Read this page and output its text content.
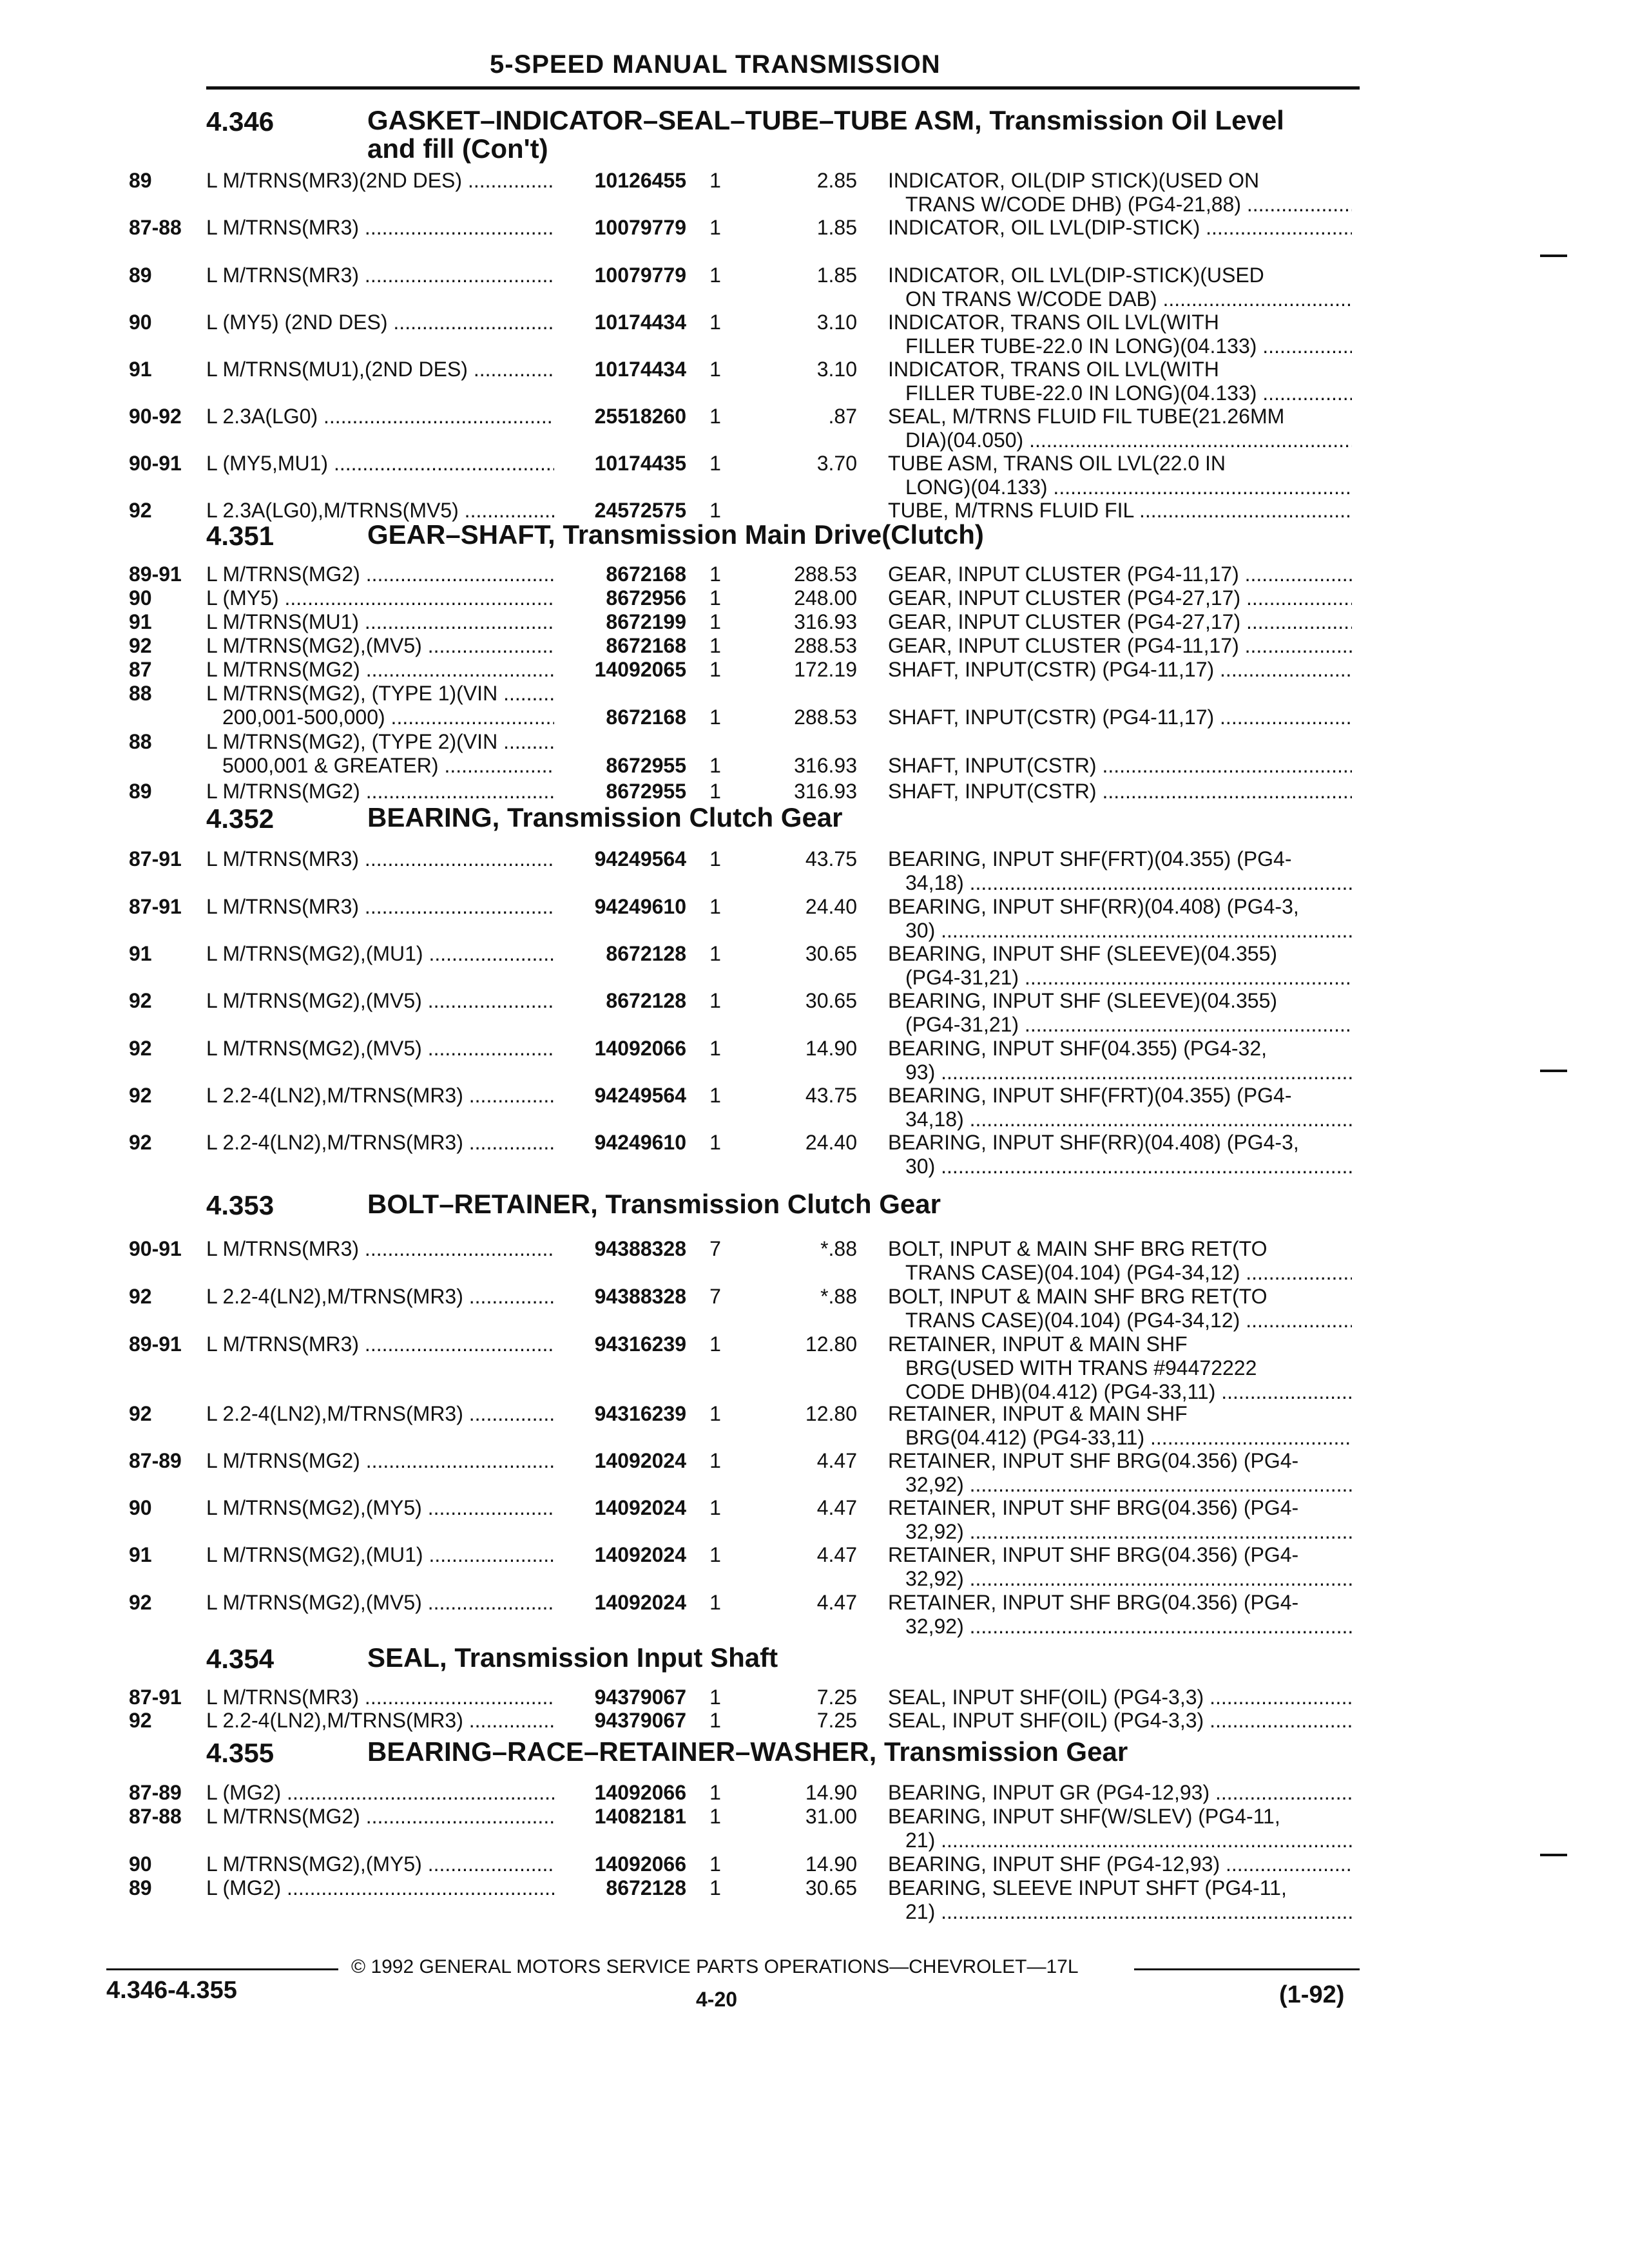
5-SPEED MANUAL TRANSMISSION
4.346	GASKET–INDICATOR–SEAL–TUBE–TUBE ASM, Transmission Oil Level
and fill (Con't)
4.351	GEAR–SHAFT, Transmission Main Drive(Clutch)
4.352	BEARING, Transmission Clutch Gear
4.353	BOLT–RETAINER, Transmission Clutch Gear
4.354	SEAL, Transmission Input Shaft
4.355	BEARING–RACE–RETAINER–WASHER, Transmission Gear
89	L M/TRNS(MR3)(2ND DES) .....	10126455	1	2.85 INDICATOR, OIL(DIP STICK)(USED ON
TRANS W/CODE DHB) (PG4-21,88) .....
87-88 L M/TRNS(MR3) .....	10079779	1	1.85 INDICATOR, OIL LVL(DIP-STICK) .....
89	L M/TRNS(MR3) .....	10079779	1	1.85 INDICATOR, OIL LVL(DIP-STICK)(USED
ON TRANS W/CODE DAB) .....
90	L (MY5) (2ND DES) .....	10174434	1	3.10 INDICATOR, TRANS OIL LVL(WITH
FILLER TUBE-22.0 IN LONG)(04.133) .....
91	L M/TRNS(MU1),(2ND DES) .....	10174434	1	3.10 INDICATOR, TRANS OIL LVL(WITH
FILLER TUBE-22.0 IN LONG)(04.133) .....
90-92 L 2.3A(LG0) .....	25518260	1	.87 SEAL, M/TRNS FLUID FIL TUBE(21.26MM
DIA)(04.050) .....
90-91 L (MY5,MU1) .....	10174435	1	3.70 TUBE ASM, TRANS OIL LVL(22.0 IN
LONG)(04.133) .....
92	L 2.3A(LG0),M/TRNS(MV5) .....	24572575	1	TUBE, M/TRNS FLUID FIL .....
89-91 L M/TRNS(MG2) .....	8672168	1	288.53 GEAR, INPUT CLUSTER (PG4-11,17) .....
90	L (MY5) .....	8672956	1	248.00 GEAR, INPUT CLUSTER (PG4-27,17) .....
91	L M/TRNS(MU1) .....	8672199	1	316.93 GEAR, INPUT CLUSTER (PG4-27,17) .....
92	L M/TRNS(MG2),(MV5) .....	8672168	1	288.53 GEAR, INPUT CLUSTER (PG4-11,17) .....
87	L M/TRNS(MG2) .....	14092065	1	172.19 SHAFT, INPUT(CSTR) (PG4-11,17) .....
88	L M/TRNS(MG2), (TYPE 1)(VIN .....
200,001-500,000) .....	8672168	1	288.53 SHAFT, INPUT(CSTR) (PG4-11,17) .....
88	L M/TRNS(MG2), (TYPE 2)(VIN .....
5000,001 & GREATER) .....	8672955	1	316.93 SHAFT, INPUT(CSTR) .....
89	L M/TRNS(MG2) .....	8672955	1	316.93 SHAFT, INPUT(CSTR) .....
87-91 L M/TRNS(MR3) .....	94249564	1	43.75 BEARING, INPUT SHF(FRT)(04.355) (PG4-
34,18) .....
87-91 L M/TRNS(MR3) .....	94249610	1	24.40 BEARING, INPUT SHF(RR)(04.408) (PG4-3,
30) .....
91	L M/TRNS(MG2),(MU1) .....	8672128	1	30.65 BEARING, INPUT SHF (SLEEVE)(04.355)
(PG4-31,21) .....
92	L M/TRNS(MG2),(MV5) .....	8672128	1	30.65 BEARING, INPUT SHF (SLEEVE)(04.355)
(PG4-31,21) .....
92	L M/TRNS(MG2),(MV5) .....	14092066	1	14.90 BEARING, INPUT SHF(04.355) (PG4-32,
93) .....
92	L 2.2-4(LN2),M/TRNS(MR3) .....	94249564	1	43.75 BEARING, INPUT SHF(FRT)(04.355) (PG4-
34,18) .....
92	L 2.2-4(LN2),M/TRNS(MR3) .....	94249610	1	24.40 BEARING, INPUT SHF(RR)(04.408) (PG4-3,
30) .....
90-91 L M/TRNS(MR3) .....	94388328	7	*.88 BOLT, INPUT & MAIN SHF BRG RET(TO
TRANS CASE)(04.104) (PG4-34,12) .....
92	L 2.2-4(LN2),M/TRNS(MR3) .....	94388328	7	*.88 BOLT, INPUT & MAIN SHF BRG RET(TO
TRANS CASE)(04.104) (PG4-34,12) .....
89-91 L M/TRNS(MR3) .....	94316239	1	12.80 RETAINER, INPUT & MAIN SHF
BRG(USED WITH TRANS #94472222
CODE DHB)(04.412) (PG4-33,11) .....
92	L 2.2-4(LN2),M/TRNS(MR3) .....	94316239	1	12.80 RETAINER, INPUT & MAIN SHF
BRG(04.412) (PG4-33,11) .....
87-89 L M/TRNS(MG2) .....	14092024	1	4.47 RETAINER, INPUT SHF BRG(04.356) (PG4-
32,92) .....
90	L M/TRNS(MG2),(MY5) .....	14092024	1	4.47 RETAINER, INPUT SHF BRG(04.356) (PG4-
32,92) .....
91	L M/TRNS(MG2),(MU1) .....	14092024	1	4.47 RETAINER, INPUT SHF BRG(04.356) (PG4-
32,92) .....
92	L M/TRNS(MG2),(MV5) .....	14092024	1	4.47 RETAINER, INPUT SHF BRG(04.356) (PG4-
32,92) .....
87-91 L M/TRNS(MR3) .....	94379067	1	7.25 SEAL, INPUT SHF(OIL) (PG4-3,3) .....
92	L 2.2-4(LN2),M/TRNS(MR3) .....	94379067	1	7.25 SEAL, INPUT SHF(OIL) (PG4-3,3) .....
87-89 L (MG2) .....	14092066	1	14.90 BEARING, INPUT GR (PG4-12,93) .....
87-88 L M/TRNS(MG2) .....	14082181	1	31.00 BEARING, INPUT SHF(W/SLEV) (PG4-11,
21) .....
90	L M/TRNS(MG2),(MY5) .....	14092066	1	14.90 BEARING, INPUT SHF (PG4-12,93) .....
89	L (MG2) .....	8672128	1	30.65 BEARING, SLEEVE INPUT SHFT (PG4-11,
21) .....
© 1992 GENERAL MOTORS SERVICE PARTS OPERATIONS—CHEVROLET—17L
4.346-4.355	4-20	(1-92)
